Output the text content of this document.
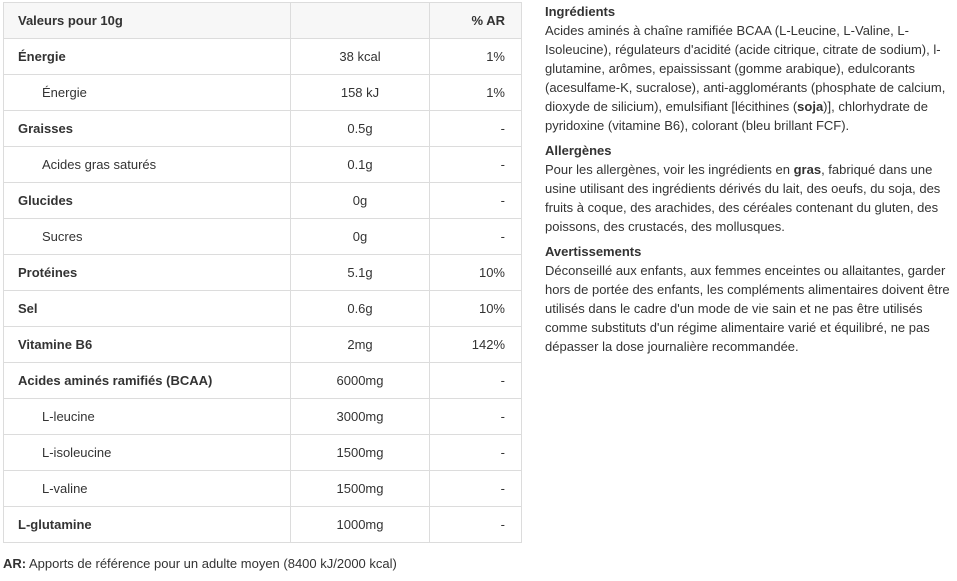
Valeurs pour 10g		% AR
Énergie	38 kcal	1%
Énergie	158 kJ	1%
Graisses	0.5g	-
Acides gras saturés	0.1g	-
Glucides	0g	-
Sucres	0g	-
Protéines	5.1g	10%
Sel	0.6g	10%
Vitamine B6	2mg	142%
Acides aminés ramifiés (BCAA)	6000mg	-
L-leucine	3000mg	-
L-isoleucine	1500mg	-
L-valine	1500mg	-
L-glutamine	1000mg	-
AR: Apports de référence pour un adulte moyen (8400 kJ/2000 kcal)
Ingrédients
Acides aminés à chaîne ramifiée BCAA (L-Leucine, L-Valine, L-
Isoleucine), régulateurs d'acidité (acide citrique, citrate de sodium), l-
glutamine, arômes, epaississant (gomme arabique), edulcorants
(acesulfame-K, sucralose), anti-agglomérants (phosphate de calcium,
dioxyde de silicium), emulsifiant [lécithines (soja)], chlorhydrate de
pyridoxine (vitamine B6), colorant (bleu brillant FCF).
Allergènes
Pour les allergènes, voir les ingrédients en gras, fabriqué dans une
usine utilisant des ingrédients dérivés du lait, des oeufs, du soja, des
fruits à coque, des arachides, des céréales contenant du gluten, des
poissons, des crustacés, des mollusques.
Avertissements
Déconseillé aux enfants, aux femmes enceintes ou allaitantes, garder
hors de portée des enfants, les compléments alimentaires doivent être
utilisés dans le cadre d'un mode de vie sain et ne pas être utilisés
comme substituts d'un régime alimentaire varié et équilibré, ne pas
dépasser la dose journalière recommandée.
